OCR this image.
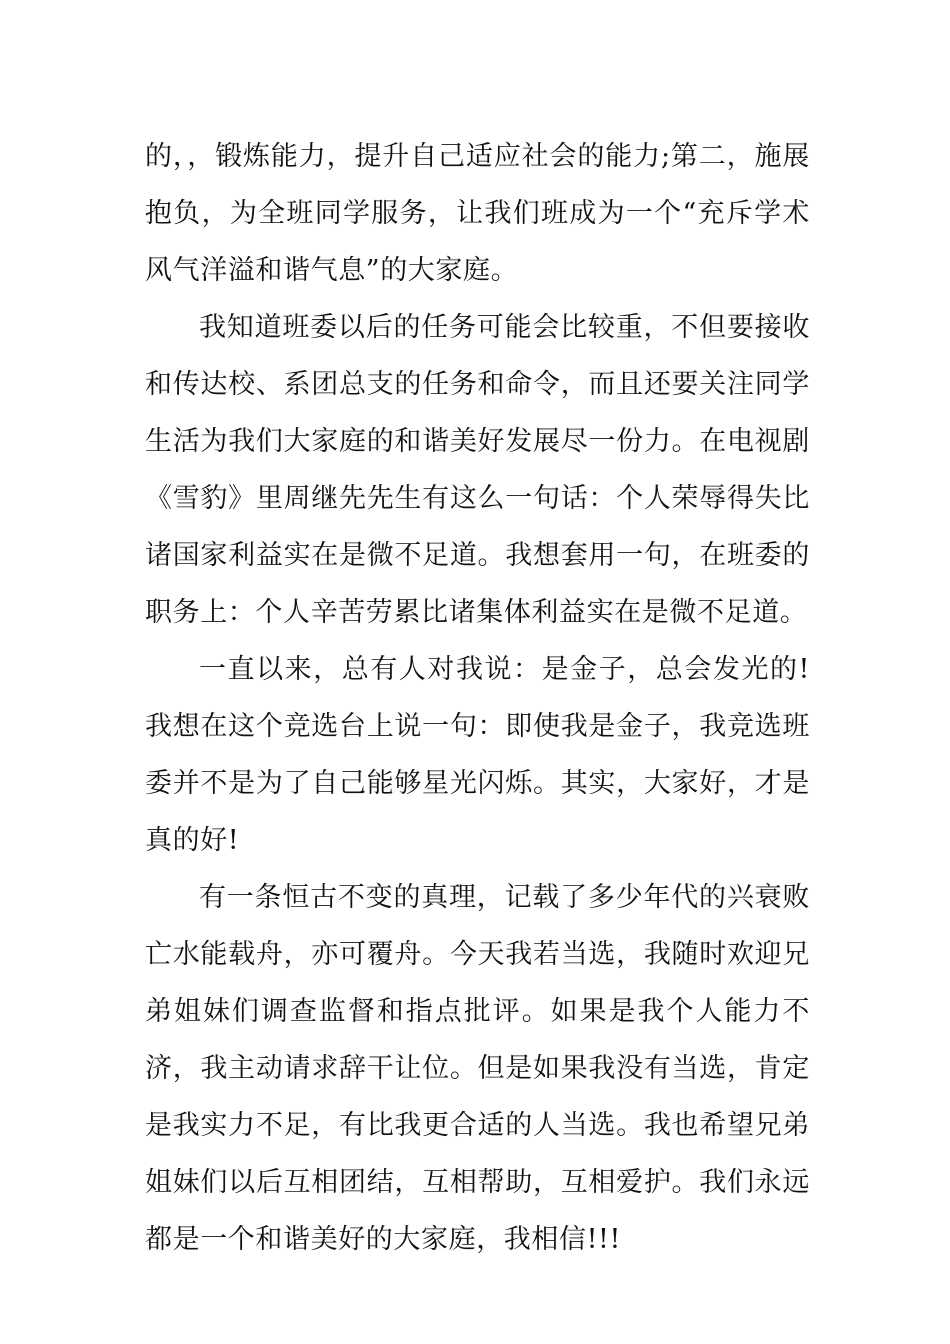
的，，锻炼能力，提升自己适应社会的能力;第二，施展抱负，为全班同学服务，让我们班成为一个“充斥学术风气洋溢和谐气息”的大家庭。

我知道班委以后的任务可能会比较重，不但要接收和传达校、系团总支的任务和命令，而且还要关注同学生活为我们大家庭的和谐美好发展尽一份力。在电视剧《雪豹》里周继先先生有这么一句话：个人荣辱得失比诸国家利益实在是微不足道。我想套用一句，在班委的职务上：个人辛苦劳累比诸集体利益实在是微不足道。

一直以来，总有人对我说：是金子，总会发光的!我想在这个竞选台上说一句：即使我是金子，我竞选班委并不是为了自己能够星光闪烁。其实，大家好，才是真的好!

有一条恒古不变的真理，记载了多少年代的兴衰败亡水能载舟，亦可覆舟。今天我若当选，我随时欢迎兄弟姐妹们调查监督和指点批评。如果是我个人能力不济，我主动请求辞干让位。但是如果我没有当选，肯定是我实力不足，有比我更合适的人当选。我也希望兄弟姐妹们以后互相团结，互相帮助，互相爱护。我们永远都是一个和谐美好的大家庭，我相信!!!
